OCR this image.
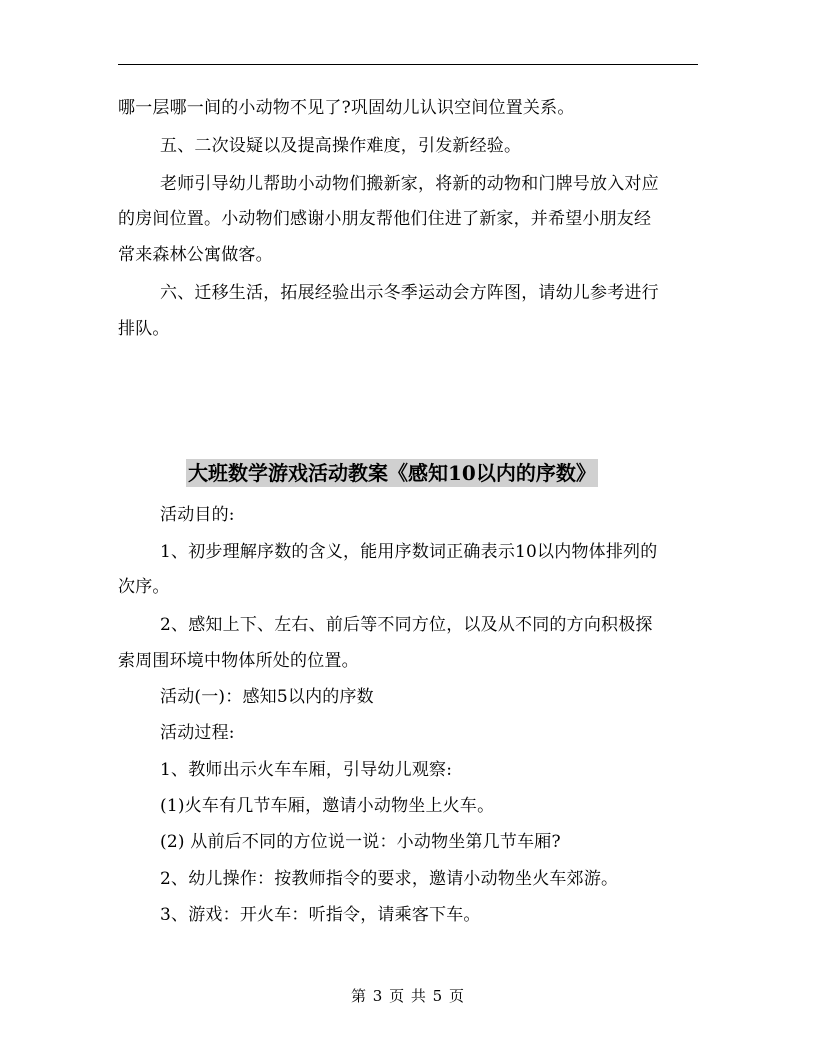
哪一层哪一间的小动物不见了?巩固幼儿认识空间位置关系。
五、二次设疑以及提高操作难度，引发新经验。
老师引导幼儿帮助小动物们搬新家，将新的动物和门牌号放入对应
的房间位置。小动物们感谢小朋友帮他们住进了新家，并希望小朋友经
常来森林公寓做客。
六、迁移生活，拓展经验出示冬季运动会方阵图，请幼儿参考进行
排队。
大班数学游戏活动教案《感知10以内的序数》
活动目的:
1、初步理解序数的含义，能用序数词正确表示10以内物体排列的
次序。
2、感知上下、左右、前后等不同方位，以及从不同的方向积极探
索周围环境中物体所处的位置。
活动(一)：感知5以内的序数
活动过程:
1、教师出示火车车厢，引导幼儿观察:
(1)火车有几节车厢，邀请小动物坐上火车。
(2) 从前后不同的方位说一说：小动物坐第几节车厢?
2、幼儿操作：按教师指令的要求，邀请小动物坐火车郊游。
3、游戏：开火车：听指令，请乘客下车。
第 3 页 共 5 页
